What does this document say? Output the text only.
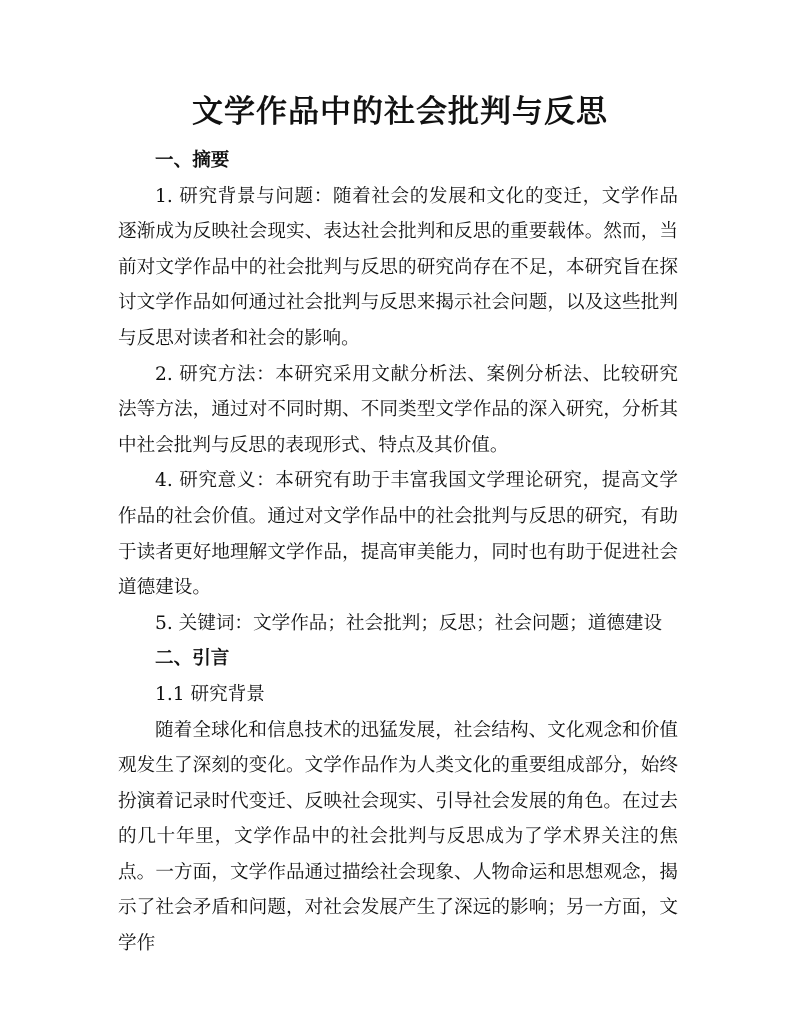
文学作品中的社会批判与反思
一、摘要

1. 研究背景与问题：随着社会的发展和文化的变迁，文学作品逐渐成为反映社会现实、表达社会批判和反思的重要载体。然而，当前对文学作品中的社会批判与反思的研究尚存在不足，本研究旨在探讨文学作品如何通过社会批判与反思来揭示社会问题，以及这些批判与反思对读者和社会的影响。

2. 研究方法：本研究采用文献分析法、案例分析法、比较研究法等方法，通过对不同时期、不同类型文学作品的深入研究，分析其中社会批判与反思的表现形式、特点及其价值。

4. 研究意义：本研究有助于丰富我国文学理论研究，提高文学作品的社会价值。通过对文学作品中的社会批判与反思的研究，有助于读者更好地理解文学作品，提高审美能力，同时也有助于促进社会道德建设。

5. 关键词：文学作品；社会批判；反思；社会问题；道德建设

二、引言

1.1 研究背景

随着全球化和信息技术的迅猛发展，社会结构、文化观念和价值观发生了深刻的变化。文学作品作为人类文化的重要组成部分，始终扮演着记录时代变迁、反映社会现实、引导社会发展的角色。在过去的几十年里，文学作品中的社会批判与反思成为了学术界关注的焦点。一方面，文学作品通过描绘社会现象、人物命运和思想观念，揭示了社会矛盾和问题，对社会发展产生了深远的影响；另一方面，文学作
